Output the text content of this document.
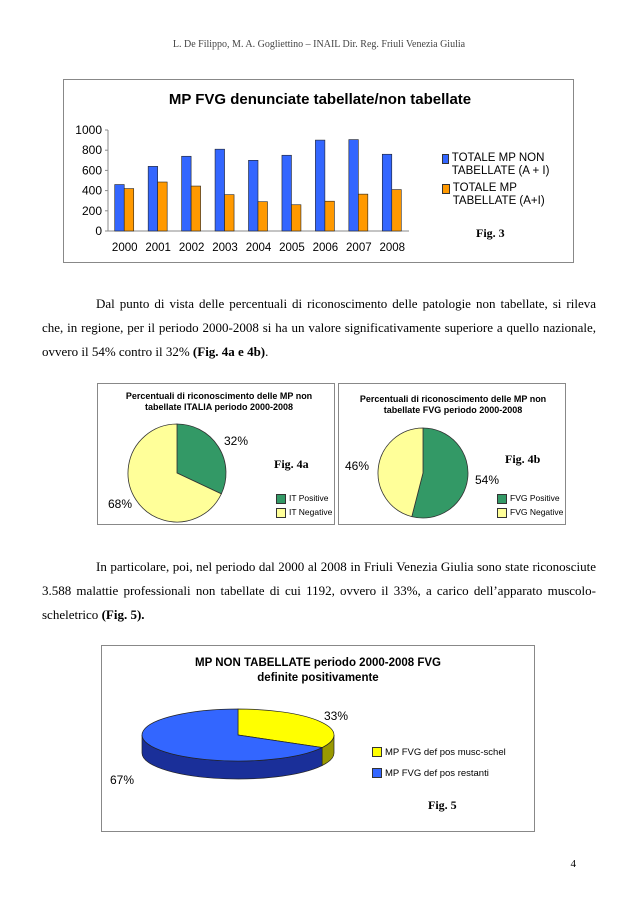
L. De Filippo, M. A. Gogliettino – INAIL Dir. Reg. Friuli Venezia Giulia
MP FVG denunciate tabellate/non tabellate
0
200
400
600
800
1000
2000 2001 2002 2003 2004 2005 2006 2007 2008
TOTALE MP NON TABELLATE (A + I)
TOTALE MP TABELLATE (A+I)
Fig. 3
Dal punto di vista delle percentuali di riconoscimento delle patologie non tabellate, si rileva che, in regione, per il periodo 2000-2008 si ha un valore significativamente superiore a quello nazionale, ovvero il 54% contro il 32% (Fig. 4a e 4b).
Percentuali di riconoscimento delle MP non tabellate ITALIA periodo 2000-2008
32%
68%
Fig. 4a
IT Positive
IT Negative
Percentuali di riconoscimento delle MP non tabellate FVG periodo 2000-2008
46%
54%
Fig. 4b
FVG Positive
FVG Negative
In particolare, poi, nel periodo dal 2000 al 2008 in Friuli Venezia Giulia sono state riconosciute 3.588 malattie professionali non tabellate di cui 1192, ovvero il 33%, a carico dell’apparato muscolo-scheletrico (Fig. 5).
MP NON TABELLATE periodo 2000-2008 FVG
definite positivamente
33%
67%
MP FVG def pos musc-schel
MP FVG def pos restanti
Fig. 5
4
